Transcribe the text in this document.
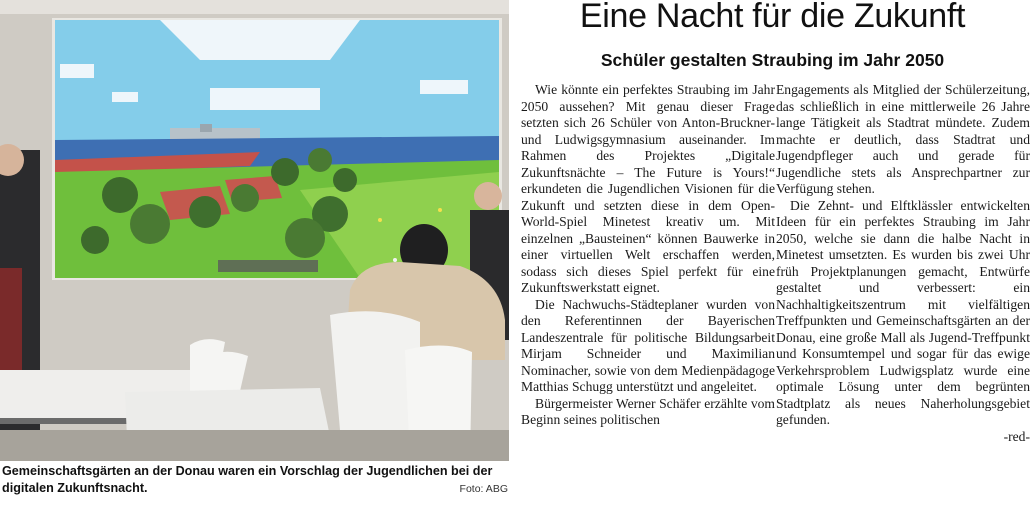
Gemeinschaftsgärten an der Donau waren ein Vorschlag der Jugendlichen bei der digitalen Zukunftsnacht.	Foto: ABG
Eine Nacht für die Zukunft
Schüler gestalten Straubing im Jahr 2050

Wie könnte ein perfektes Straubing im Jahr 2050 aussehen? Mit genau dieser Frage setzten sich 26 Schüler von Anton-Bruckner- und Ludwigsgymnasium auseinander. Im Rahmen des Projektes „Digitale Zukunftsnächte – The Future is Yours!“ erkundeten die Jugendlichen Visionen für die Zukunft und setzten diese in dem Open-World-Spiel Minetest kreativ um. Mit einzelnen „Bausteinen“ können Bauwerke in einer virtuellen Welt erschaffen werden, sodass sich dieses Spiel perfekt für eine Zukunftswerkstatt eignet.

Die Nachwuchs-Städteplaner wurden von den Referentinnen der Bayerischen Landeszentrale für politische Bildungsarbeit Mirjam Schneider und Maximilian Nominacher, sowie von dem Medienpädagoge Matthias Schugg unterstützt und angeleitet.

Bürgermeister Werner Schäfer erzählte vom Beginn seines politischen

Engagements als Mitglied der Schülerzeitung, das schließlich in eine mittlerweile 26 Jahre lange Tätigkeit als Stadtrat mündete. Zudem machte er deutlich, dass Stadtrat und Jugendpfleger auch und gerade für Jugendliche stets als Ansprechpartner zur Verfügung stehen.

Die Zehnt- und Elftklässler entwickelten Ideen für ein perfektes Straubing im Jahr 2050, welche sie dann die halbe Nacht in Minetest umsetzten. Es wurden bis zwei Uhr früh Projektplanungen gemacht, Entwürfe gestaltet und verbessert: ein Nachhaltigkeitszentrum mit vielfältigen Treffpunkten und Gemeinschaftsgärten an der Donau, eine große Mall als Jugend-Treffpunkt und Konsumtempel und sogar für das ewige Verkehrsproblem Ludwigsplatz wurde eine optimale Lösung unter dem begrünten Stadtplatz als neues Naherholungsgebiet gefunden.

-red-
